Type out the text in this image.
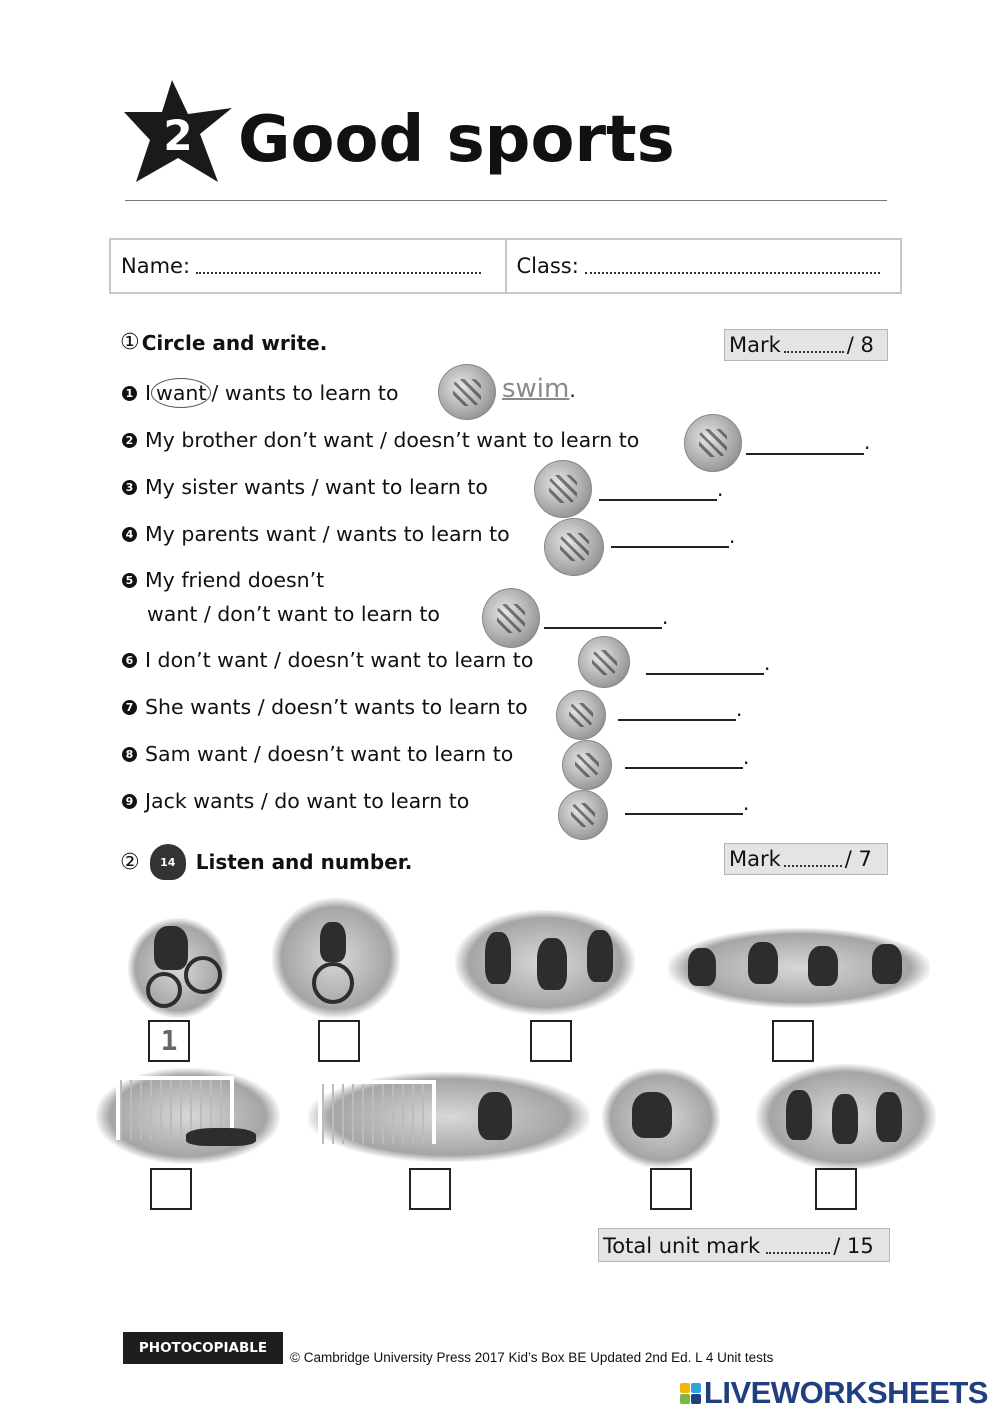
2 Good sports
Name:	Class:
① Circle and write.	Mark	/ 8
1 I want / wants to learn to	swim.
2 My brother don’t want / doesn’t want to learn to	.
3 My sister wants / want to learn to	.
4 My parents want / wants to learn to	.
5 My friend doesn’t
want / don’t want to learn to	.
6 I don’t want / doesn’t want to learn to	.
7 She wants / doesn’t wants to learn to	.
8 Sam want / doesn’t want to learn to	.
9 Jack wants / do want to learn to	.
② 14 Listen and number.	Mark	/ 7
1
Total unit mark	/ 15
PHOTOCOPIABLE
© Cambridge University Press 2017 Kid’s Box BE Updated 2nd Ed. L 4 Unit tests
LIVEWORKSHEETS
